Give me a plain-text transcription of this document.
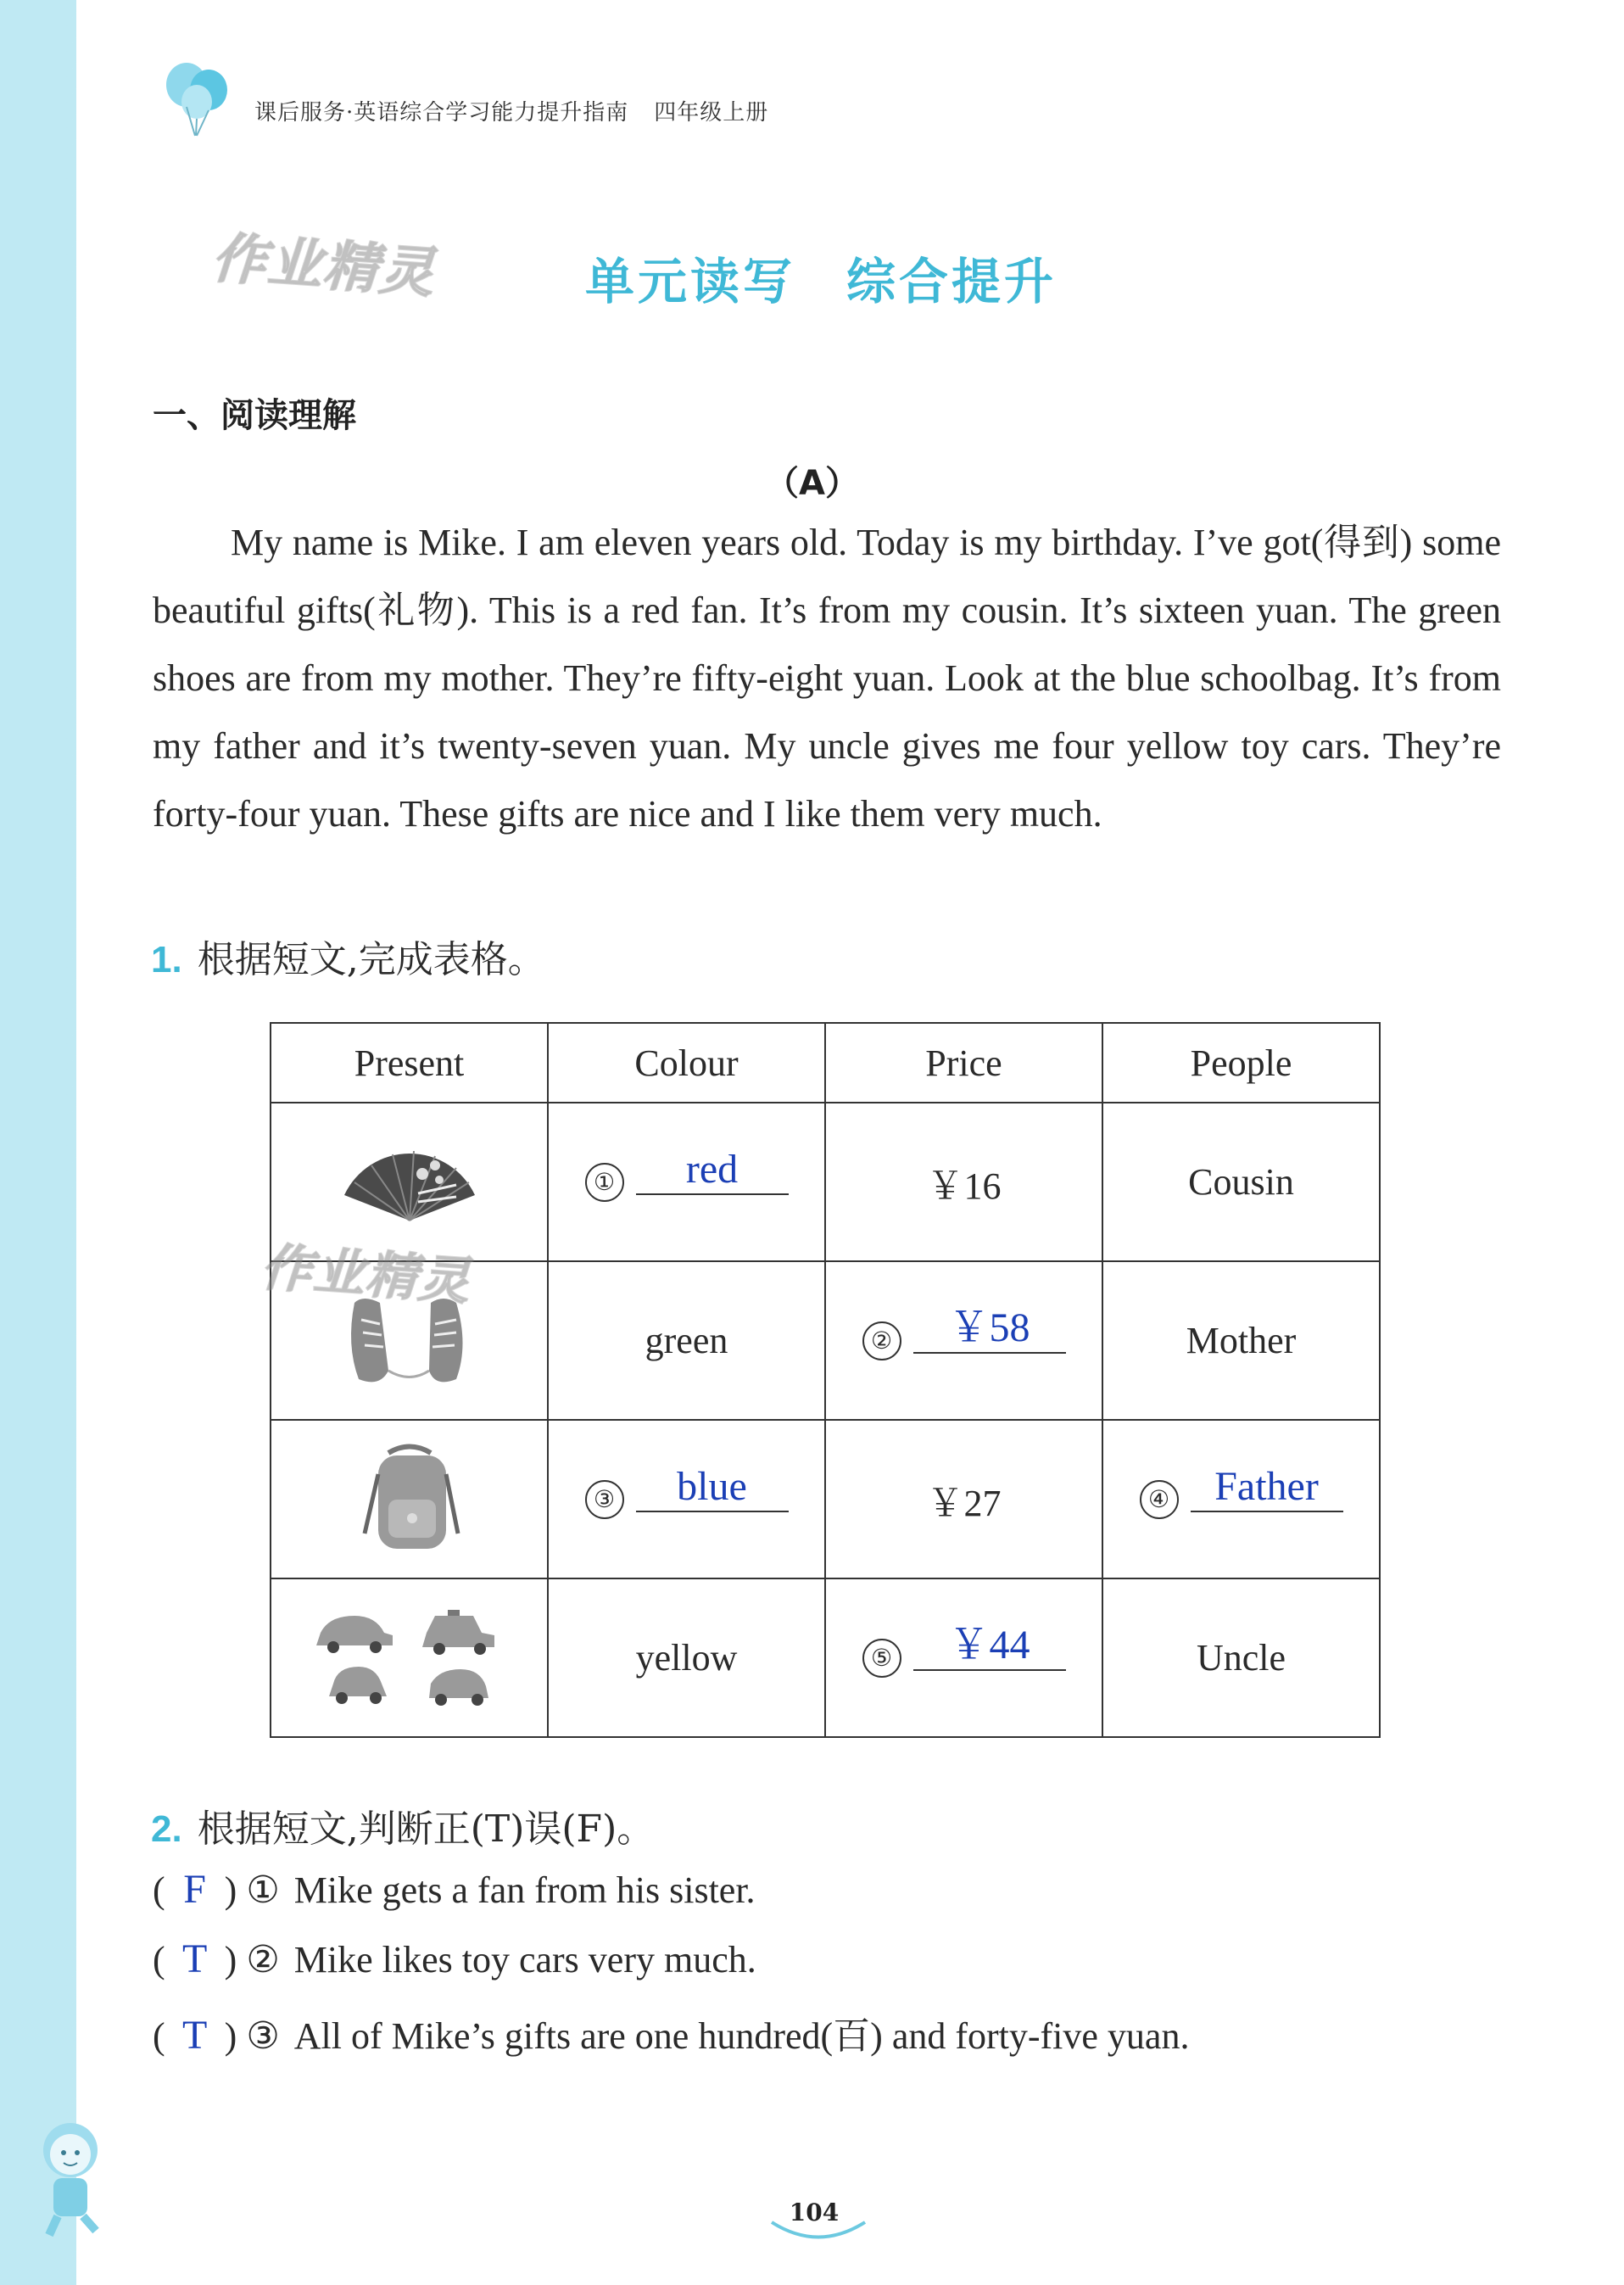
课后服务·英语综合学习能力提升指南 四年级上册
作业精灵	单元读写 综合提升
一、阅读理解
（A）

My name is Mike. I am eleven years old. Today is my birthday. I’ve got(得到) some beautiful gifts(礼物). This is a red fan. It’s from my cousin. It’s sixteen yuan. The green shoes are from my mother. They’re fifty-eight yuan. Look at the blue schoolbag. It’s from my father and it’s twenty-seven yuan. My uncle gives me four yellow toy cars. They’re forty-four yuan. These gifts are nice and I like them very much.

1. 根据短文,完成表格。
Present	Colour	Price	People

	① red	￥16	Cousin

	green	② ￥58	Mother

	③ blue	￥27	④ Father

	yellow	⑤ ￥44	Uncle
作业精灵
2. 根据短文,判断正(T)误(F)。
( F ) ① Mike gets a fan from his sister.
( T ) ② Mike likes toy cars very much.
( T ) ③ All of Mike’s gifts are one hundred(百) and forty-five yuan.
104
